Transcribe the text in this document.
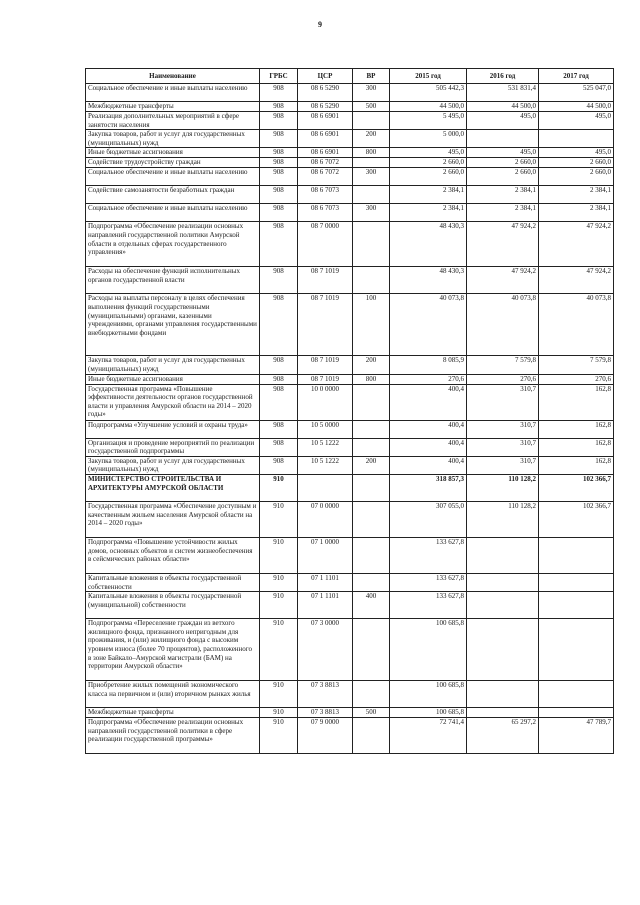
9
Наименование	ГРБС	ЦСР	ВР	2015 год	2016 год	2017 год
Социальное обеспечение и иные выплаты населению	908	08 6 5290	300	505 442,3	531 831,4	525 047,0
Межбюджетные трансферты	908	08 6 5290	500	44 500,0	44 500,0	44 500,0
Реализация дополнительных мероприятий в сфере занятости населения	908	08 6 6901		5 495,0	495,0	495,0
Закупка товаров, работ и услуг для государственных (муниципальных) нужд	908	08 6 6901	200	5 000,0		
Иные бюджетные ассигнования	908	08 6 6901	800	495,0	495,0	495,0
Содействие трудоустройству граждан	908	08 6 7072		2 660,0	2 660,0	2 660,0
Социальное обеспечение и иные выплаты населению	908	08 6 7072	300	2 660,0	2 660,0	2 660,0
Содействие самозанятости безработных граждан	908	08 6 7073		2 384,1	2 384,1	2 384,1
Социальное обеспечение и иные выплаты населению	908	08 6 7073	300	2 384,1	2 384,1	2 384,1
Подпрограмма «Обеспечение реализации основных направлений государственной политики Амурской области в отдельных сферах государственного управления»	908	08 7 0000		48 430,3	47 924,2	47 924,2
Расходы на обеспечение функций исполнительных органов государственной власти	908	08 7 1019		48 430,3	47 924,2	47 924,2
Расходы на выплаты персоналу в целях обеспечения выполнения функций государственными (муниципальными) органами, казенными учреждениями, органами управления государственными внебюджетными фондами	908	08 7 1019	100	40 073,8	40 073,8	40 073,8
Закупка товаров, работ и услуг для государственных (муниципальных) нужд	908	08 7 1019	200	8 085,9	7 579,8	7 579,8
Иные бюджетные ассигнования	908	08 7 1019	800	270,6	270,6	270,6
Государственная программа «Повышение эффективности деятельности органов государственной власти и управления Амурской области на 2014 – 2020 годы»	908	10 0 0000		400,4	310,7	162,8
Подпрограмма «Улучшение условий и охраны труда»	908	10 5 0000		400,4	310,7	162,8
Организация и проведение мероприятий по реализации государственной подпрограммы	908	10 5 1222		400,4	310,7	162,8
Закупка товаров, работ и услуг для государственных (муниципальных) нужд	908	10 5 1222	200	400,4	310,7	162,8
МИНИСТЕРСТВО СТРОИТЕЛЬСТВА И АРХИТЕКТУРЫ АМУРСКОЙ ОБЛАСТИ	910			318 857,3	110 128,2	102 366,7
Государственная программа «Обеспечение доступным и качественным жильем населения Амурской области на 2014 – 2020 годы»	910	07 0 0000		307 055,0	110 128,2	102 366,7
Подпрограмма «Повышение устойчивости жилых домов, основных объектов и систем жизнеобеспечения в сейсмических районах области»	910	07 1 0000		133 627,8		
Капитальные вложения в объекты государственной собственности	910	07 1 1101		133 627,8		
Капитальные вложения в объекты государственной (муниципальной) собственности	910	07 1 1101	400	133 627,8		
Подпрограмма «Переселение граждан из ветхого жилищного фонда, признанного непригодным для проживания, и (или) жилищного фонда с высоким уровнем износа (более 70 процентов), расположенного в зоне Байкало–Амурской магистрали (БАМ) на территории Амурской области»	910	07 3 0000		100 685,8		
Приобретение жилых помещений экономического класса на первичном и (или) вторичном рынках жилья	910	07 3 8813		100 685,8		
Межбюджетные трансферты	910	07 3 8813	500	100 685,8		
Подпрограмма «Обеспечение реализации основных направлений государственной политики в сфере реализации государственной программы»	910	07 9 0000		72 741,4	65 297,2	47 789,7
